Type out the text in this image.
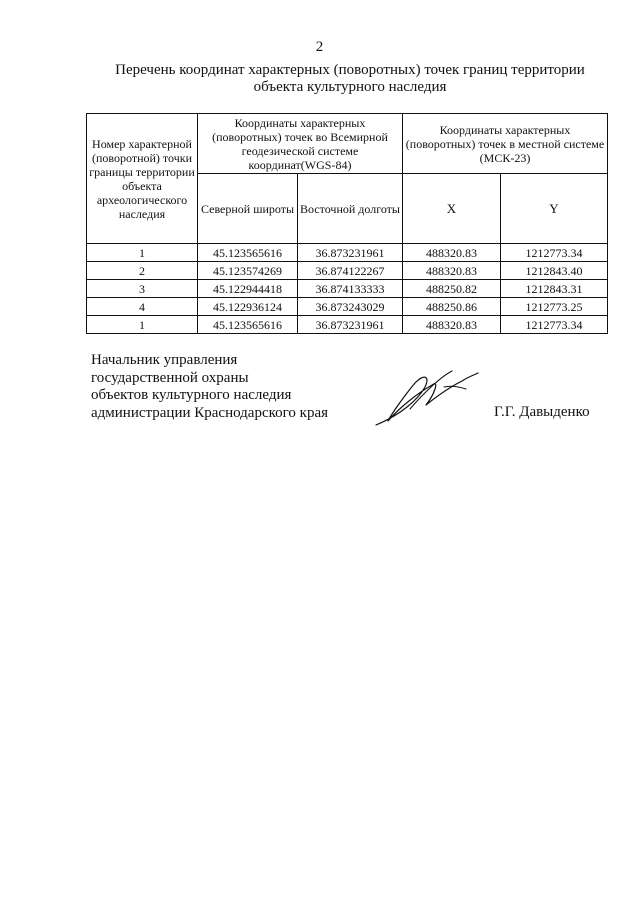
2
Перечень координат характерных (поворотных) точек границ территории
объекта культурного наследия
Номер характерной (поворотной) точки границы территории объекта археологического наследия	Координаты характерных (поворотных) точек во Всемирной геодезической системе координат(WGS-84)		Координаты характерных (поворотных) точек в местной системе (МСК-23)	
	Северной широты	Восточной долготы	X	Y
1	45.123565616	36.873231961	488320.83	1212773.34
2	45.123574269	36.874122267	488320.83	1212843.40
3	45.122944418	36.874133333	488250.82	1212843.31
4	45.122936124	36.873243029	488250.86	1212773.25
1	45.123565616	36.873231961	488320.83	1212773.34
Начальник управления
государственной охраны
объектов культурного наследия
администрации Краснодарского края	Г.Г. Давыденко
